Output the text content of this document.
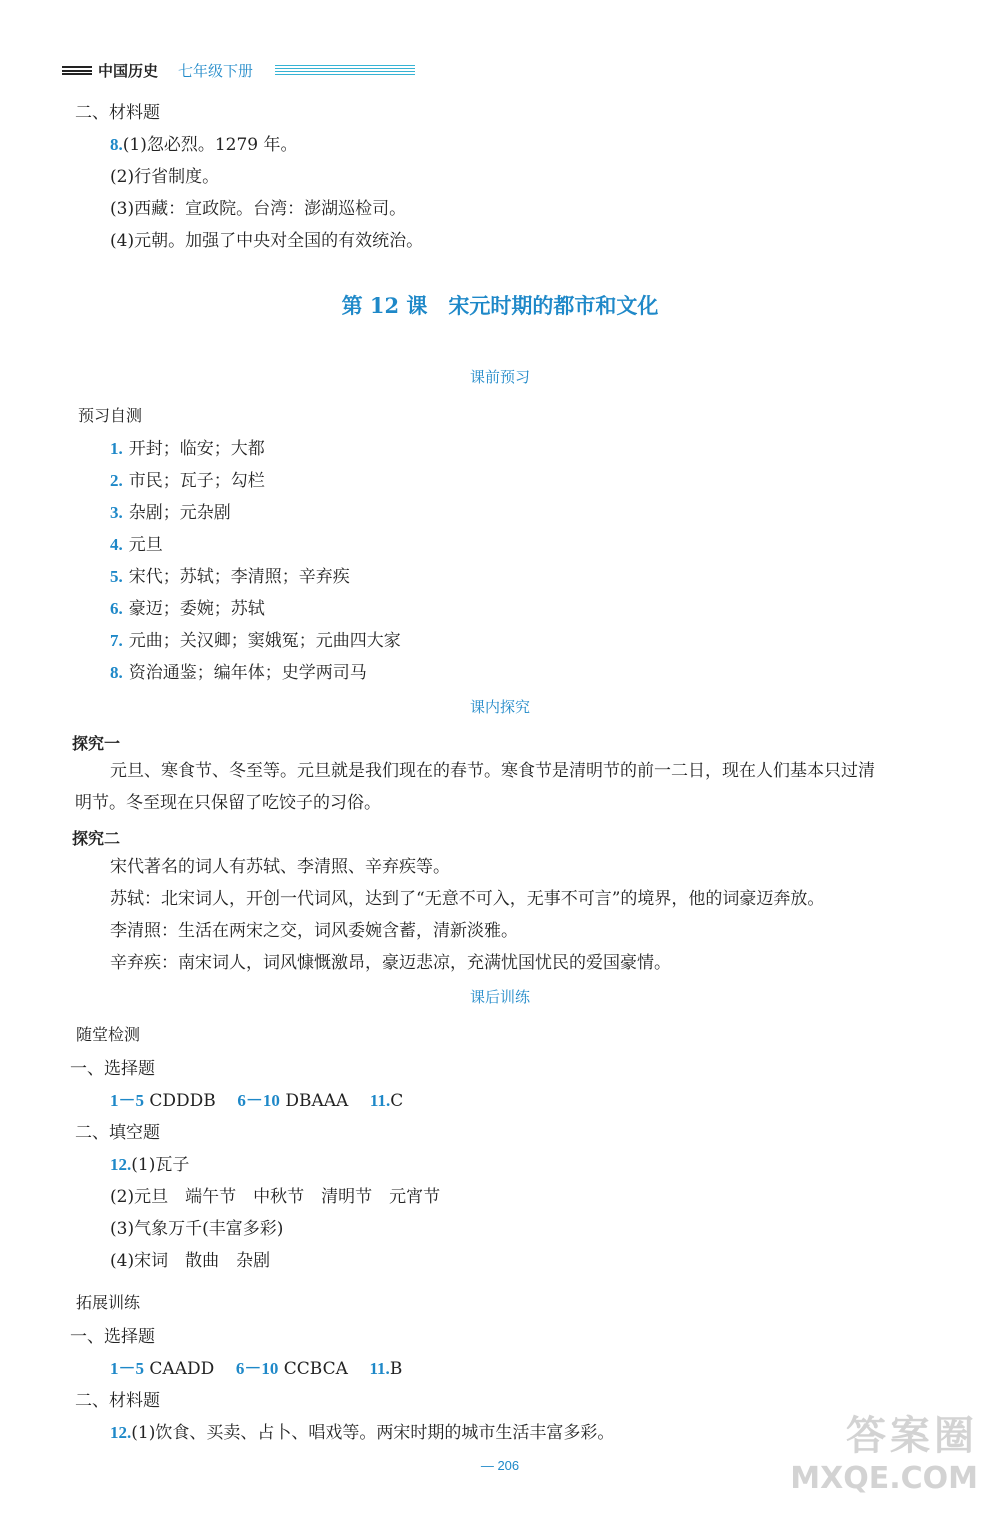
中国历史 七年级下册
二、材料题
8.(1)忽必烈。1279 年。
(2)行省制度。
(3)西藏：宣政院。台湾：澎湖巡检司。
(4)元朝。加强了中央对全国的有效统治。
第 12 课　宋元时期的都市和文化
课前预习
预习自测
1. 开封；临安；大都
2. 市民；瓦子；勾栏
3. 杂剧；元杂剧
4. 元旦
5. 宋代；苏轼；李清照；辛弃疾
6. 豪迈；委婉；苏轼
7. 元曲；关汉卿；窦娥冤；元曲四大家
8. 资治通鉴；编年体；史学两司马
课内探究
探究一
元旦、寒食节、冬至等。元旦就是我们现在的春节。寒食节是清明节的前一二日，现在人们基本只过清
明节。冬至现在只保留了吃饺子的习俗。
探究二
宋代著名的词人有苏轼、李清照、辛弃疾等。
苏轼：北宋词人，开创一代词风，达到了“无意不可入，无事不可言”的境界，他的词豪迈奔放。
李清照：生活在两宋之交，词风委婉含蓄，清新淡雅。
辛弃疾：南宋词人，词风慷慨激昂，豪迈悲凉，充满忧国忧民的爱国豪情。
课后训练
随堂检测
一、选择题
1－5 CDDDB 6－10 DBAAA 11.C
二、填空题
12.(1)瓦子
(2)元旦　端午节　中秋节　清明节　元宵节
(3)气象万千(丰富多彩)
(4)宋词　散曲　杂剧
拓展训练
一、选择题
1－5 CAADD 6－10 CCBCA 11.B
二、材料题
12.(1)饮食、买卖、占卜、唱戏等。两宋时期的城市生活丰富多彩。
— 206
答案圈
MXQE.COM
